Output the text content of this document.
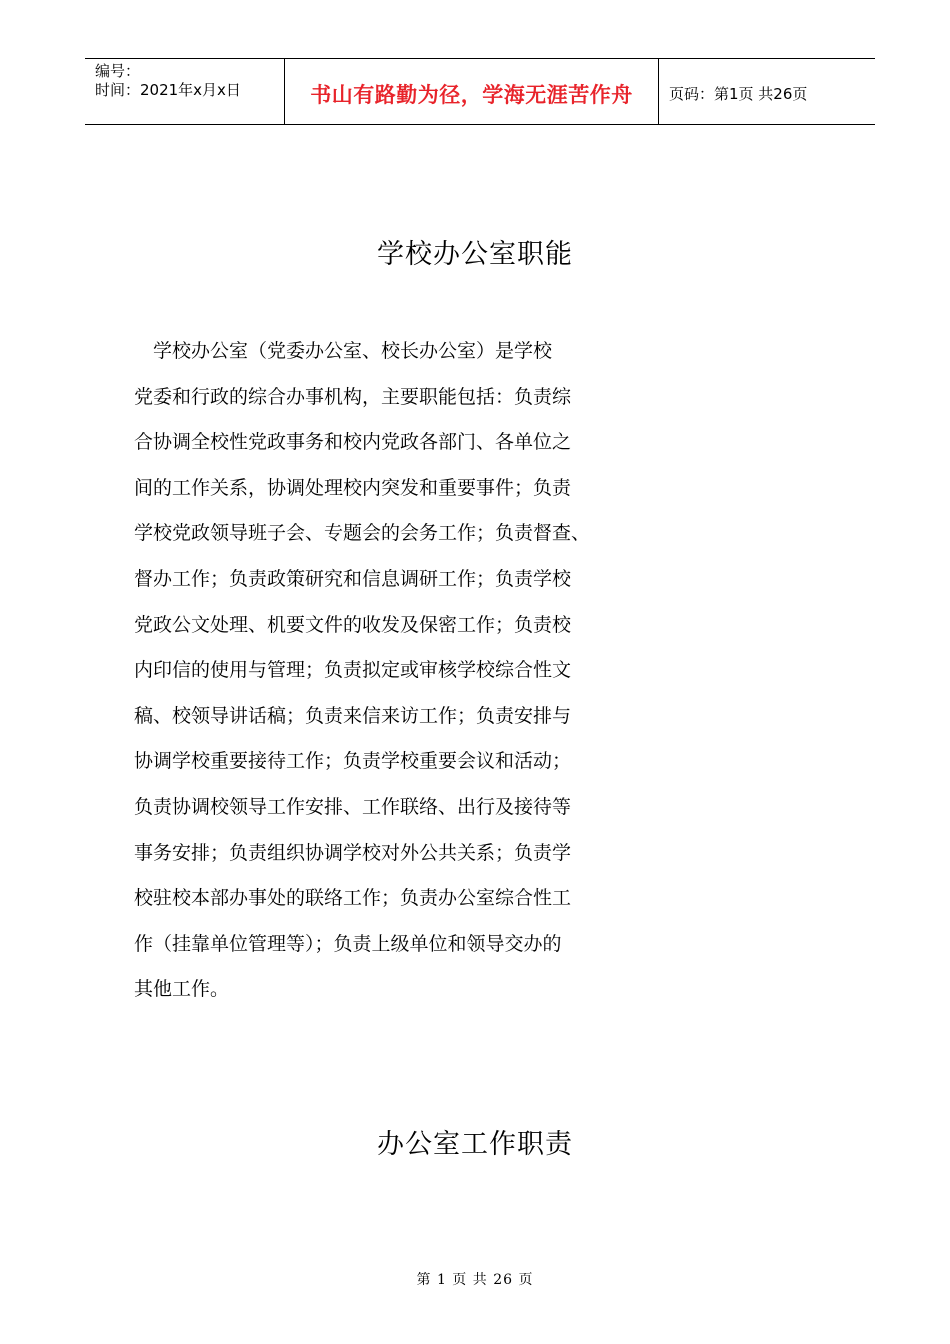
编号：
时间：2021年x月x日	书山有路勤为径，学海无涯苦作舟	页码：第1页 共26页
学校办公室职能
　学校办公室（党委办公室、校长办公室）是学校
党委和行政的综合办事机构，主要职能包括：负责综
合协调全校性党政事务和校内党政各部门、各单位之
间的工作关系，协调处理校内突发和重要事件；负责
学校党政领导班子会、专题会的会务工作；负责督查、
督办工作；负责政策研究和信息调研工作；负责学校
党政公文处理、机要文件的收发及保密工作；负责校
内印信的使用与管理；负责拟定或审核学校综合性文
稿、校领导讲话稿；负责来信来访工作；负责安排与
协调学校重要接待工作；负责学校重要会议和活动；
负责协调校领导工作安排、工作联络、出行及接待等
事务安排；负责组织协调学校对外公共关系；负责学
校驻校本部办事处的联络工作；负责办公室综合性工
作（挂靠单位管理等）；负责上级单位和领导交办的
其他工作。
办公室工作职责
第 1 页 共 26 页
